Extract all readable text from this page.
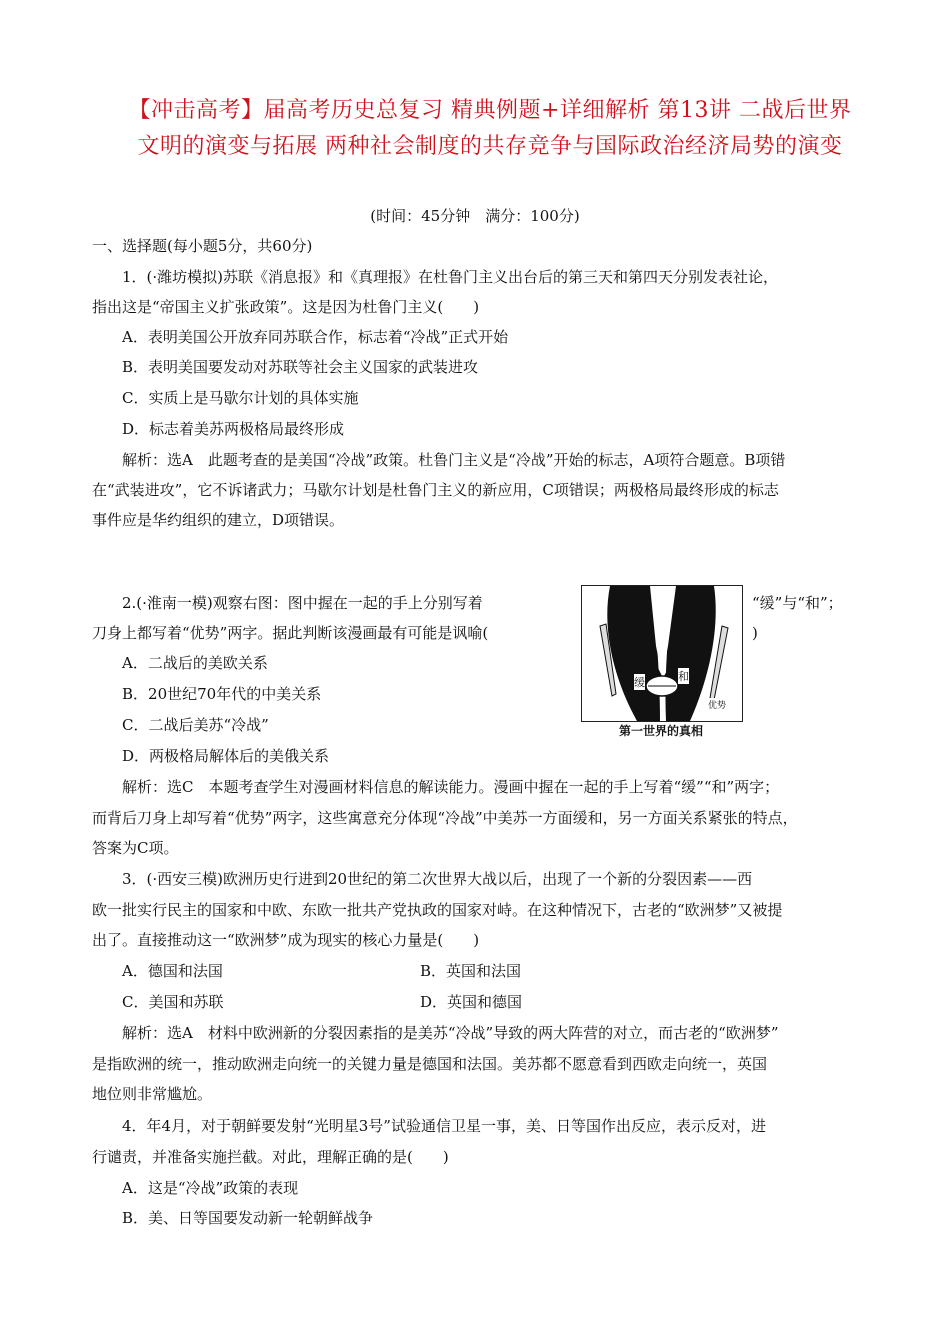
【冲击高考】届高考历史总复习 精典例题+详细解析 第13讲 二战后世界
文明的演变与拓展 两种社会制度的共存竞争与国际政治经济局势的演变
(时间：45分钟　满分：100分)
一、选择题(每小题5分，共60分)
1．(·潍坊模拟)苏联《消息报》和《真理报》在杜鲁门主义出台后的第三天和第四天分别发表社论，
指出这是“帝国主义扩张政策”。这是因为杜鲁门主义(　　)
A．表明美国公开放弃同苏联合作，标志着“冷战”正式开始
B．表明美国要发动对苏联等社会主义国家的武装进攻
C．实质上是马歇尔计划的具体实施
D．标志着美苏两极格局最终形成
解析：选A　此题考查的是美国“冷战”政策。杜鲁门主义是“冷战”开始的标志，A项符合题意。B项错
在“武装进攻”，它不诉诸武力；马歇尔计划是杜鲁门主义的新应用，C项错误；两极格局最终形成的标志
事件应是华约组织的建立，D项错误。
2.(·淮南一模)观察右图：图中握在一起的手上分别写着	“缓”与“和”；
刀身上都写着“优势”两字。据此判断该漫画最有可能是讽喻(	)
缓	和
优势
第一世界的真相
A．二战后的美欧关系
B．20世纪70年代的中美关系
C．二战后美苏“冷战”
D．两极格局解体后的美俄关系
解析：选C　本题考查学生对漫画材料信息的解读能力。漫画中握在一起的手上写着“缓”“和”两字；
而背后刀身上却写着“优势”两字，这些寓意充分体现“冷战”中美苏一方面缓和，另一方面关系紧张的特点，
答案为C项。
3．(·西安三模)欧洲历史行进到20世纪的第二次世界大战以后，出现了一个新的分裂因素——西
欧一批实行民主的国家和中欧、东欧一批共产党执政的国家对峙。在这种情况下，古老的“欧洲梦”又被提
出了。直接推动这一“欧洲梦”成为现实的核心力量是(　　)
A．德国和法国	B．英国和法国
C．美国和苏联	D．英国和德国
解析：选A　材料中欧洲新的分裂因素指的是美苏“冷战”导致的两大阵营的对立，而古老的“欧洲梦”
是指欧洲的统一，推动欧洲走向统一的关键力量是德国和法国。美苏都不愿意看到西欧走向统一，英国
地位则非常尴尬。
4．年4月，对于朝鲜要发射“光明星3号”试验通信卫星一事，美、日等国作出反应，表示反对，进
行谴责，并准备实施拦截。对此，理解正确的是(　　)
A．这是“冷战”政策的表现
B．美、日等国要发动新一轮朝鲜战争
